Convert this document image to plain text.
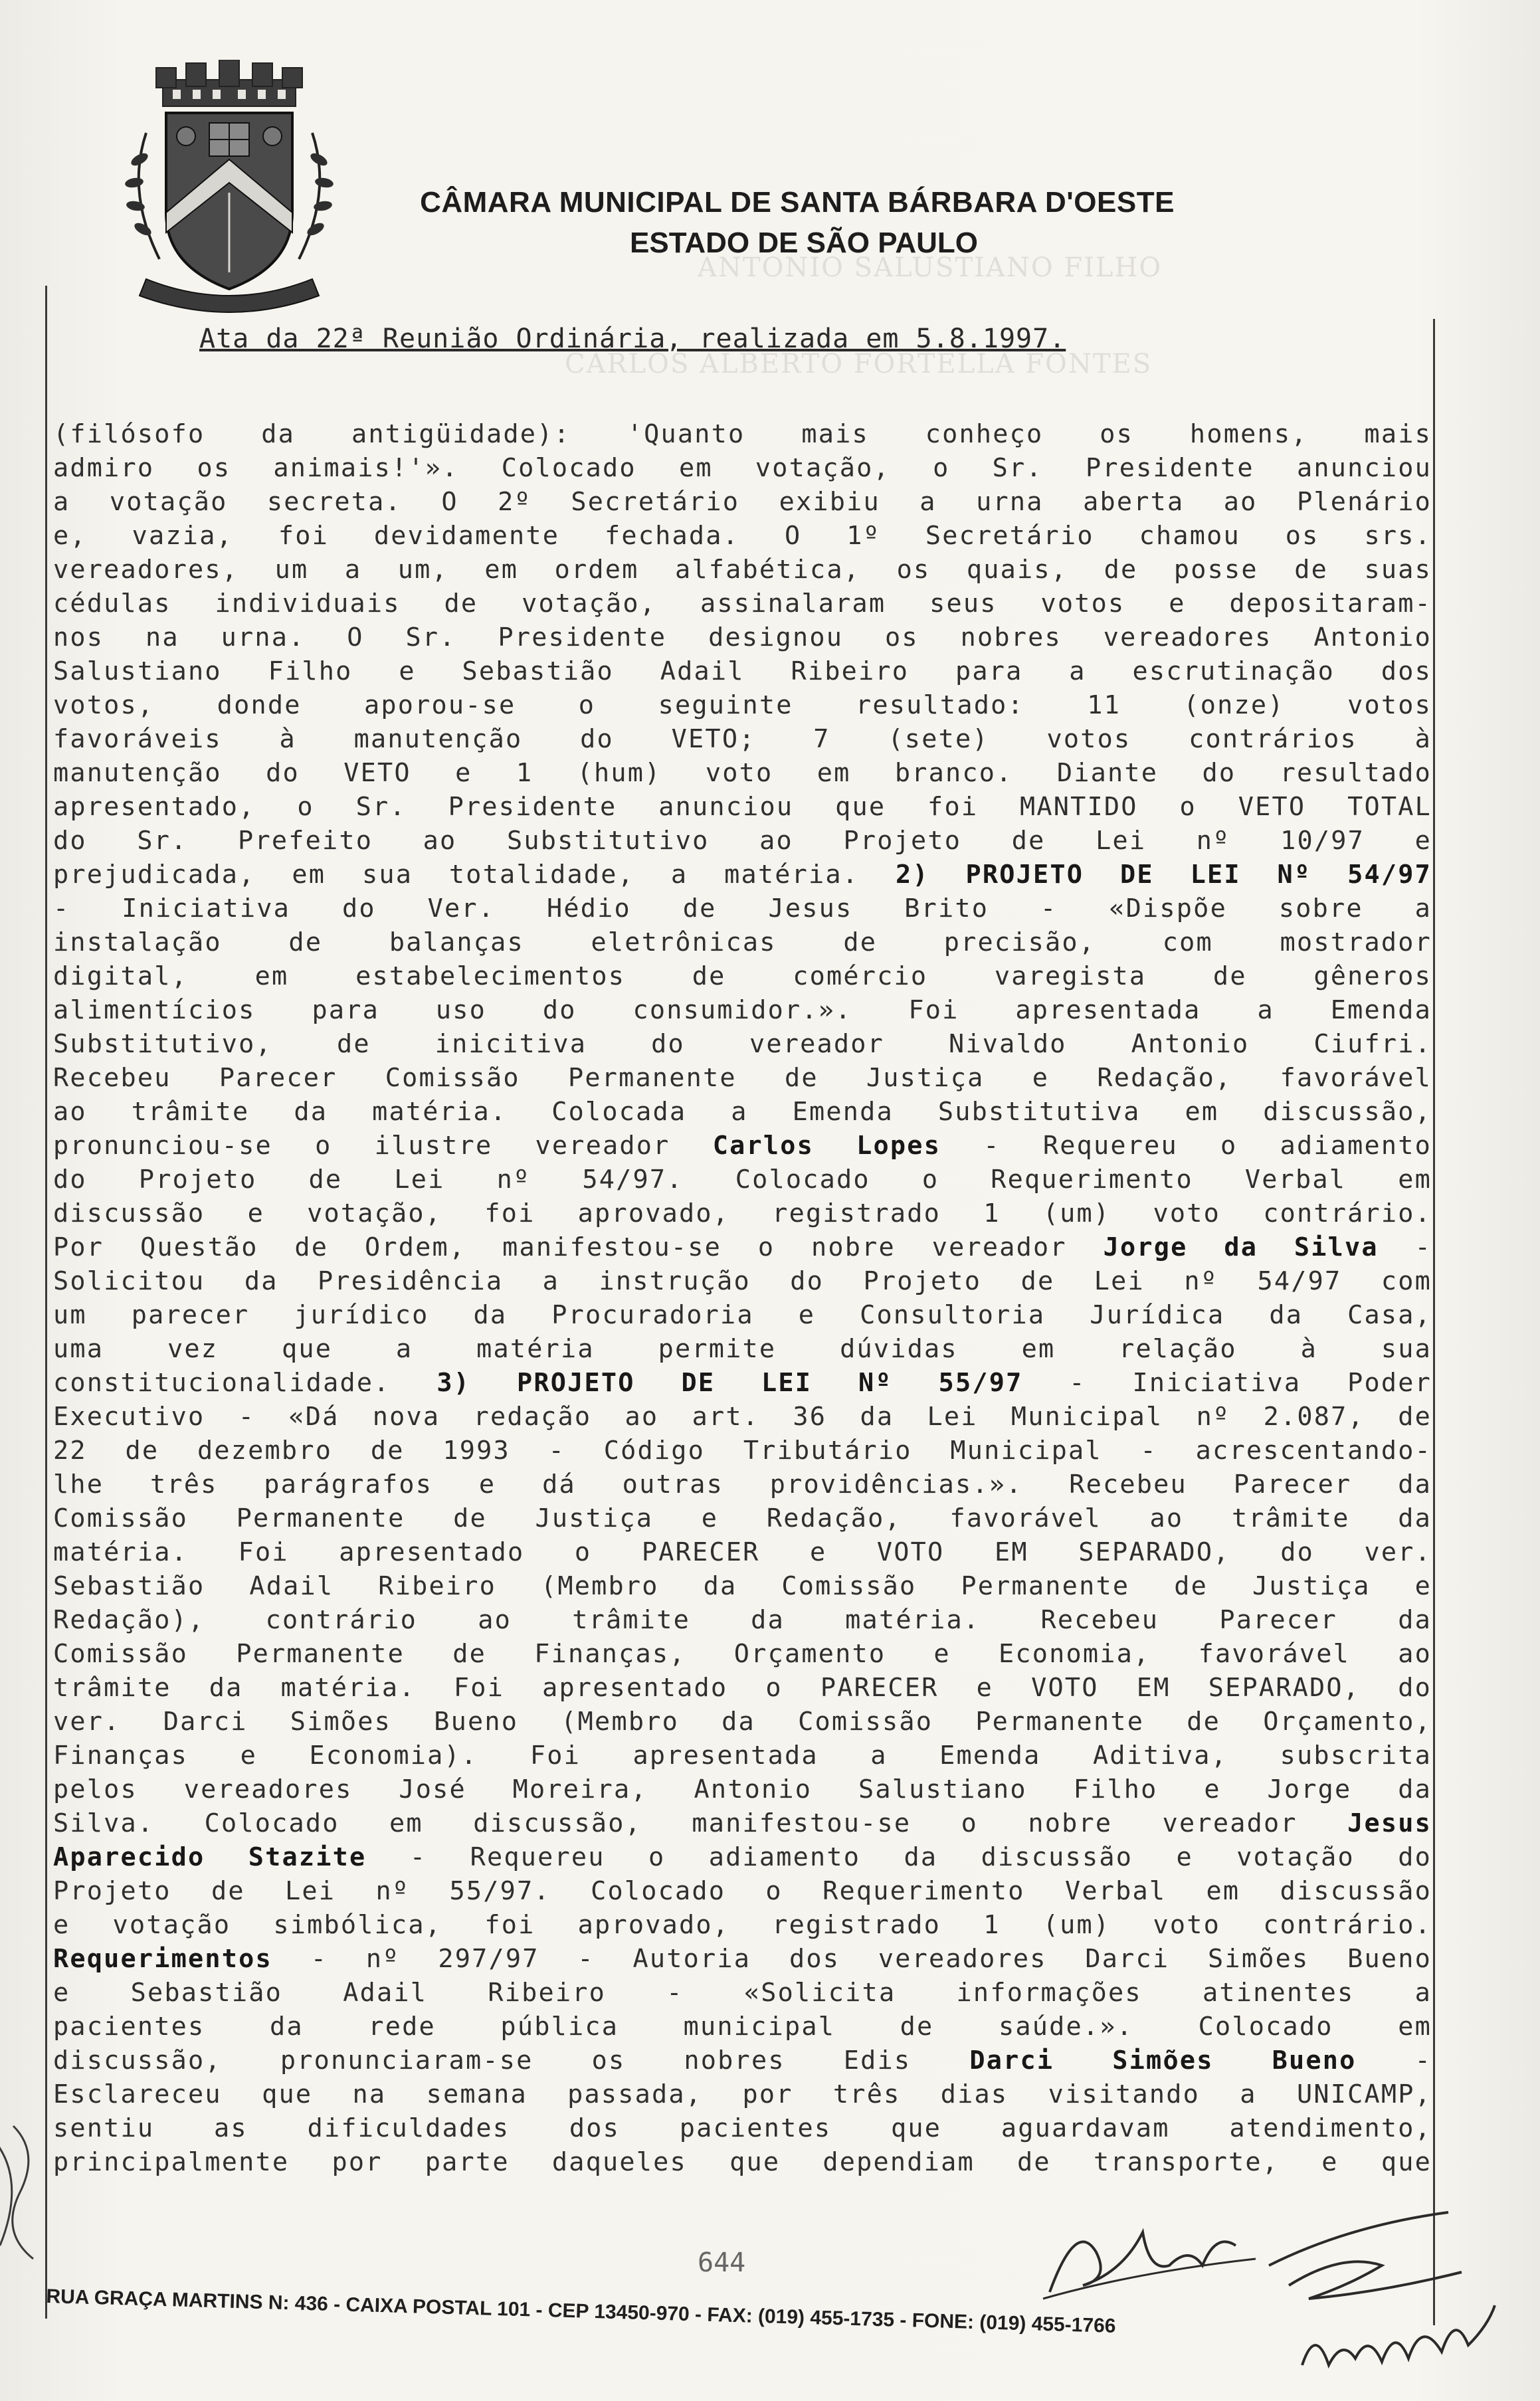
ANTONIO SALUSTIANO FILHO
CARLOS ALBERTO FORTELLA FONTES
CÂMARA MUNICIPAL DE SANTA BÁRBARA D'OESTE
ESTADO DE SÃO PAULO
Ata da 22ª Reunião Ordinária, realizada em 5.8.1997.
(filósofo da antigüidade): 'Quanto mais conheço os homens, mais
admiro os animais!'». Colocado em votação, o Sr. Presidente anunciou
a votação secreta. O 2º Secretário exibiu a urna aberta ao Plenário
e, vazia, foi devidamente fechada. O 1º Secretário chamou os srs.
vereadores, um a um, em ordem alfabética, os quais, de posse de suas
cédulas individuais de votação, assinalaram seus votos e depositaram-
nos na urna. O Sr. Presidente designou os nobres vereadores Antonio
Salustiano Filho e Sebastião Adail Ribeiro para a escrutinação dos
votos, donde aporou-se o seguinte resultado: 11 (onze) votos
favoráveis à manutenção do VETO; 7 (sete) votos contrários à
manutenção do VETO e 1 (hum) voto em branco. Diante do resultado
apresentado, o Sr. Presidente anunciou que foi MANTIDO o VETO TOTAL
do Sr. Prefeito ao Substitutivo ao Projeto de Lei nº 10/97 e
prejudicada, em sua totalidade, a matéria. 2) PROJETO DE LEI Nº 54/97
- Iniciativa do Ver. Hédio de Jesus Brito - «Dispõe sobre a
instalação de balanças eletrônicas de precisão, com mostrador
digital, em estabelecimentos de comércio varegista de gêneros
alimentícios para uso do consumidor.». Foi apresentada a Emenda
Substitutivo, de inicitiva do vereador Nivaldo Antonio Ciufri.
Recebeu Parecer Comissão Permanente de Justiça e Redação, favorável
ao trâmite da matéria. Colocada a Emenda Substitutiva em discussão,
pronunciou-se o ilustre vereador Carlos Lopes - Requereu o adiamento
do Projeto de Lei nº 54/97. Colocado o Requerimento Verbal em
discussão e votação, foi aprovado, registrado 1 (um) voto contrário.
Por Questão de Ordem, manifestou-se o nobre vereador Jorge da Silva -
Solicitou da Presidência a instrução do Projeto de Lei nº 54/97 com
um parecer jurídico da Procuradoria e Consultoria Jurídica da Casa,
uma vez que a matéria permite dúvidas em relação à sua
constitucionalidade. 3) PROJETO DE LEI Nº 55/97 - Iniciativa Poder
Executivo - «Dá nova redação ao art. 36 da Lei Municipal nº 2.087, de
22 de dezembro de 1993 - Código Tributário Municipal - acrescentando-
lhe três parágrafos e dá outras providências.». Recebeu Parecer da
Comissão Permanente de Justiça e Redação, favorável ao trâmite da
matéria. Foi apresentado o PARECER e VOTO EM SEPARADO, do ver.
Sebastião Adail Ribeiro (Membro da Comissão Permanente de Justiça e
Redação), contrário ao trâmite da matéria. Recebeu Parecer da
Comissão Permanente de Finanças, Orçamento e Economia, favorável ao
trâmite da matéria. Foi apresentado o PARECER e VOTO EM SEPARADO, do
ver. Darci Simões Bueno (Membro da Comissão Permanente de Orçamento,
Finanças e Economia). Foi apresentada a Emenda Aditiva, subscrita
pelos vereadores José Moreira, Antonio Salustiano Filho e Jorge da
Silva. Colocado em discussão, manifestou-se o nobre vereador Jesus
Aparecido Stazite - Requereu o adiamento da discussão e votação do
Projeto de Lei nº 55/97. Colocado o Requerimento Verbal em discussão
e votação simbólica, foi aprovado, registrado 1 (um) voto contrário.
Requerimentos - nº 297/97 - Autoria dos vereadores Darci Simões Bueno
e Sebastião Adail Ribeiro - «Solicita informações atinentes a
pacientes da rede pública municipal de saúde.». Colocado em
discussão, pronunciaram-se os nobres Edis Darci Simões Bueno -
Esclareceu que na semana passada, por três dias visitando a UNICAMP,
sentiu as dificuldades dos pacientes que aguardavam atendimento,
principalmente por parte daqueles que dependiam de transporte, e que
644
RUA GRAÇA MARTINS N: 436 - CAIXA POSTAL 101 - CEP 13450-970 - FAX: (019) 455-1735 - FONE: (019) 455-1766
